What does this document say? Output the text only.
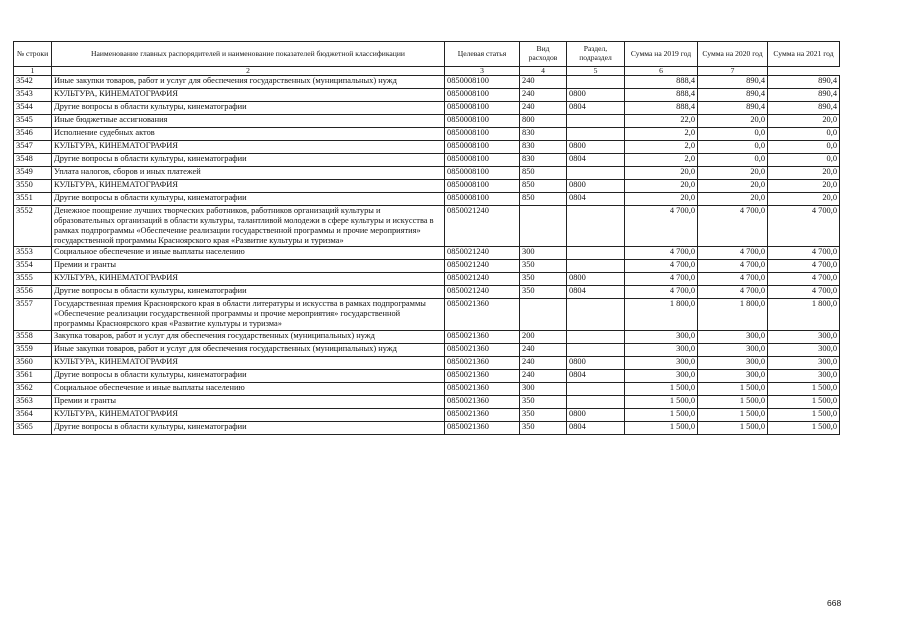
№ строки	Наименование главных распорядителей и наименование показателей бюджетной классификации	Целевая статья	Вид расходов	Раздел, подраздел	Сумма на 2019 год	Сумма на 2020 год	Сумма на 2021 год
1	2	3	4	5	6	7	
3542	Иные закупки товаров, работ и услуг для обеспечения государственных (муниципальных) нужд	0850008100	240		888,4	890,4	890,4
3543	КУЛЬТУРА, КИНЕМАТОГРАФИЯ	0850008100	240	0800	888,4	890,4	890,4
3544	Другие вопросы в области культуры, кинематографии	0850008100	240	0804	888,4	890,4	890,4
3545	Иные бюджетные ассигнования	0850008100	800		22,0	20,0	20,0
3546	Исполнение судебных актов	0850008100	830		2,0	0,0	0,0
3547	КУЛЬТУРА, КИНЕМАТОГРАФИЯ	0850008100	830	0800	2,0	0,0	0,0
3548	Другие вопросы в области культуры, кинематографии	0850008100	830	0804	2,0	0,0	0,0
3549	Уплата налогов, сборов и иных платежей	0850008100	850		20,0	20,0	20,0
3550	КУЛЬТУРА, КИНЕМАТОГРАФИЯ	0850008100	850	0800	20,0	20,0	20,0
3551	Другие вопросы в области культуры, кинематографии	0850008100	850	0804	20,0	20,0	20,0
3552	Денежное поощрение лучших творческих работников, работников организаций культуры и образовательных организаций в области культуры, талантливой молодежи в сфере культуры и искусства в рамках подпрограммы «Обеспечение реализации государственной программы и прочие мероприятия» государственной программы Красноярского края «Развитие культуры и туризма»	0850021240			4 700,0	4 700,0	4 700,0
3553	Социальное обеспечение и иные выплаты населению	0850021240	300		4 700,0	4 700,0	4 700,0
3554	Премии и гранты	0850021240	350		4 700,0	4 700,0	4 700,0
3555	КУЛЬТУРА, КИНЕМАТОГРАФИЯ	0850021240	350	0800	4 700,0	4 700,0	4 700,0
3556	Другие вопросы в области культуры, кинематографии	0850021240	350	0804	4 700,0	4 700,0	4 700,0
3557	Государственная премия Красноярского края в области литературы и искусства в рамках подпрограммы «Обеспечение реализации государственной программы и прочие мероприятия» государственной программы Красноярского края «Развитие культуры и туризма»	0850021360			1 800,0	1 800,0	1 800,0
3558	Закупка товаров, работ и услуг для обеспечения государственных (муниципальных) нужд	0850021360	200		300,0	300,0	300,0
3559	Иные закупки товаров, работ и услуг для обеспечения государственных (муниципальных) нужд	0850021360	240		300,0	300,0	300,0
3560	КУЛЬТУРА, КИНЕМАТОГРАФИЯ	0850021360	240	0800	300,0	300,0	300,0
3561	Другие вопросы в области культуры, кинематографии	0850021360	240	0804	300,0	300,0	300,0
3562	Социальное обеспечение и иные выплаты населению	0850021360	300		1 500,0	1 500,0	1 500,0
3563	Премии и гранты	0850021360	350		1 500,0	1 500,0	1 500,0
3564	КУЛЬТУРА, КИНЕМАТОГРАФИЯ	0850021360	350	0800	1 500,0	1 500,0	1 500,0
3565	Другие вопросы в области культуры, кинематографии	0850021360	350	0804	1 500,0	1 500,0	1 500,0
668
